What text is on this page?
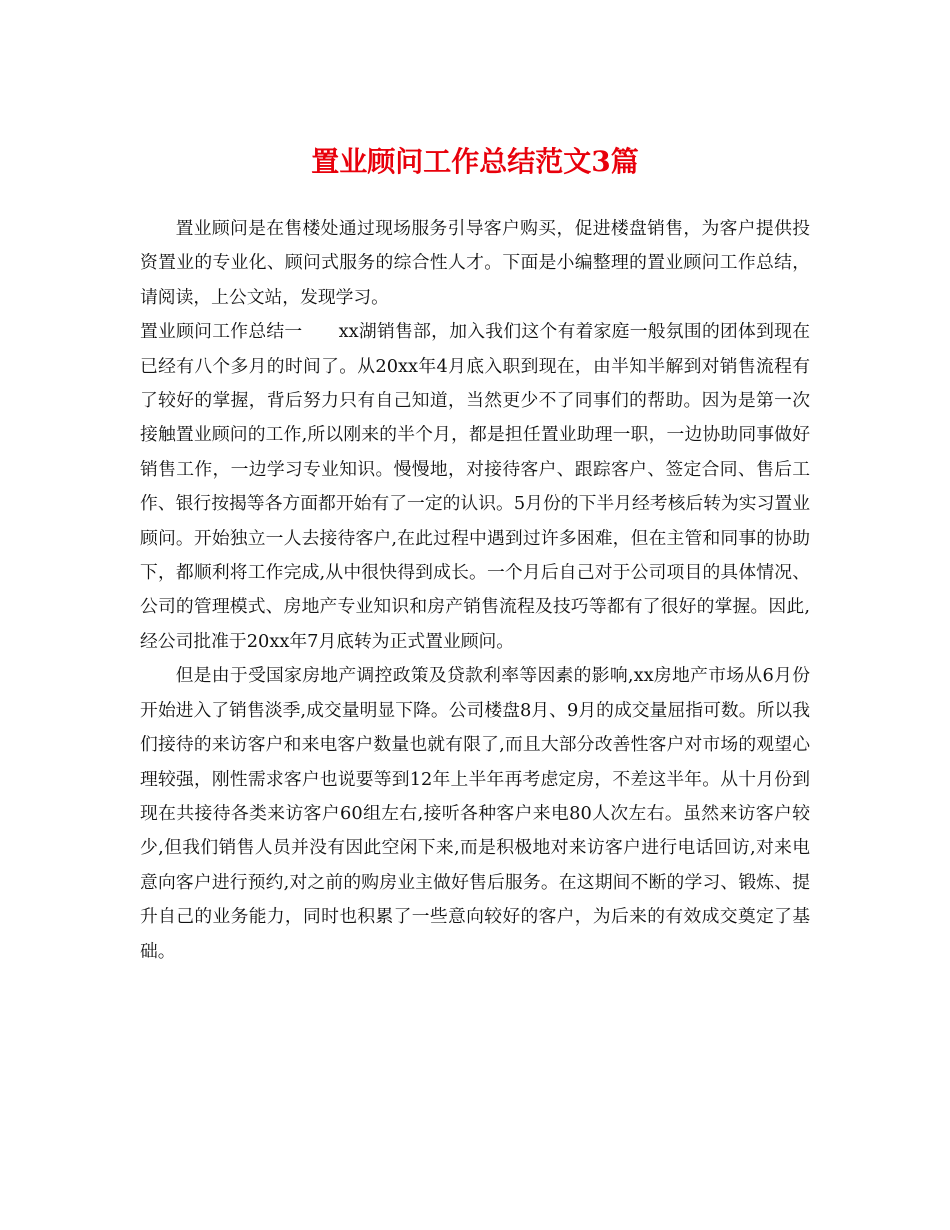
置业顾问工作总结范文3篇

置业顾问是在售楼处通过现场服务引导客户购买，促进楼盘销售，为客户提供投资置业的专业化、顾问式服务的综合性人才。下面是小编整理的置业顾问工作总结，请阅读，上公文站，发现学习。

置业顾问工作总结一　　xx湖销售部，加入我们这个有着家庭一般氛围的团体到现在已经有八个多月的时间了。从20xx年4月底入职到现在，由半知半解到对销售流程有了较好的掌握，背后努力只有自己知道，当然更少不了同事们的帮助。因为是第一次接触置业顾问的工作,所以刚来的半个月，都是担任置业助理一职，一边协助同事做好销售工作，一边学习专业知识。慢慢地，对接待客户、跟踪客户、签定合同、售后工作、银行按揭等各方面都开始有了一定的认识。5月份的下半月经考核后转为实习置业顾问。开始独立一人去接待客户,在此过程中遇到过许多困难，但在主管和同事的协助下，都顺利将工作完成,从中很快得到成长。一个月后自己对于公司项目的具体情况、公司的管理模式、房地产专业知识和房产销售流程及技巧等都有了很好的掌握。因此,经公司批准于20xx年7月底转为正式置业顾问。

但是由于受国家房地产调控政策及贷款利率等因素的影响,xx房地产市场从6月份开始进入了销售淡季,成交量明显下降。公司楼盘8月、9月的成交量屈指可数。所以我们接待的来访客户和来电客户数量也就有限了,而且大部分改善性客户对市场的观望心理较强，刚性需求客户也说要等到12年上半年再考虑定房，不差这半年。从十月份到现在共接待各类来访客户60组左右,接听各种客户来电80人次左右。虽然来访客户较少,但我们销售人员并没有因此空闲下来,而是积极地对来访客户进行电话回访,对来电意向客户进行预约,对之前的购房业主做好售后服务。在这期间不断的学习、锻炼、提升自己的业务能力，同时也积累了一些意向较好的客户，为后来的有效成交奠定了基础。
